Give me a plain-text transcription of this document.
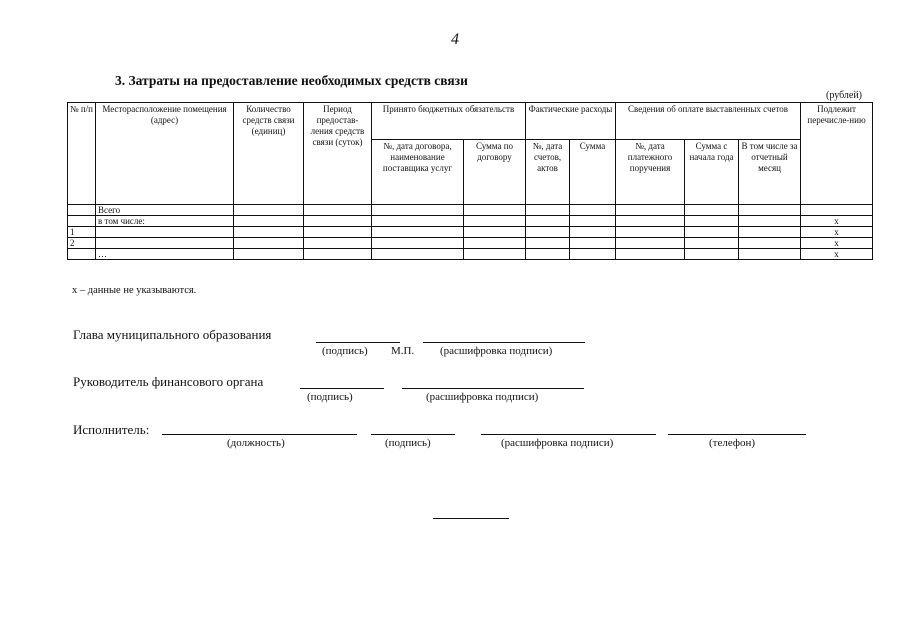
4
3. Затраты на предоставление необходимых средств связи
(рублей)
№ п/п	Месторасположение помещения (адрес)	Количество средств связи (единиц)	Период предостав-ления средств связи (суток)	Принято бюджетных обязательств		Фактические расходы		Сведения об оплате выставленных счетов			Подлежит перечисле-нию
				№, дата договора, наименование поставщика услуг	Сумма по договору	№, дата счетов, актов	Сумма	№, дата платежного поручения	Сумма с начала года	В том числе за отчетный месяц	
	Всего										
	в том числе:										x
1											x
2											x
	…										x
x – данные не указываются.
Глава муниципального образования
(подпись) М.П. (расшифровка подписи)
Руководитель финансового органа
(подпись)	(расшифровка подписи)
Исполнитель:
(должность)	(подпись)	(расшифровка подписи)	(телефон)
